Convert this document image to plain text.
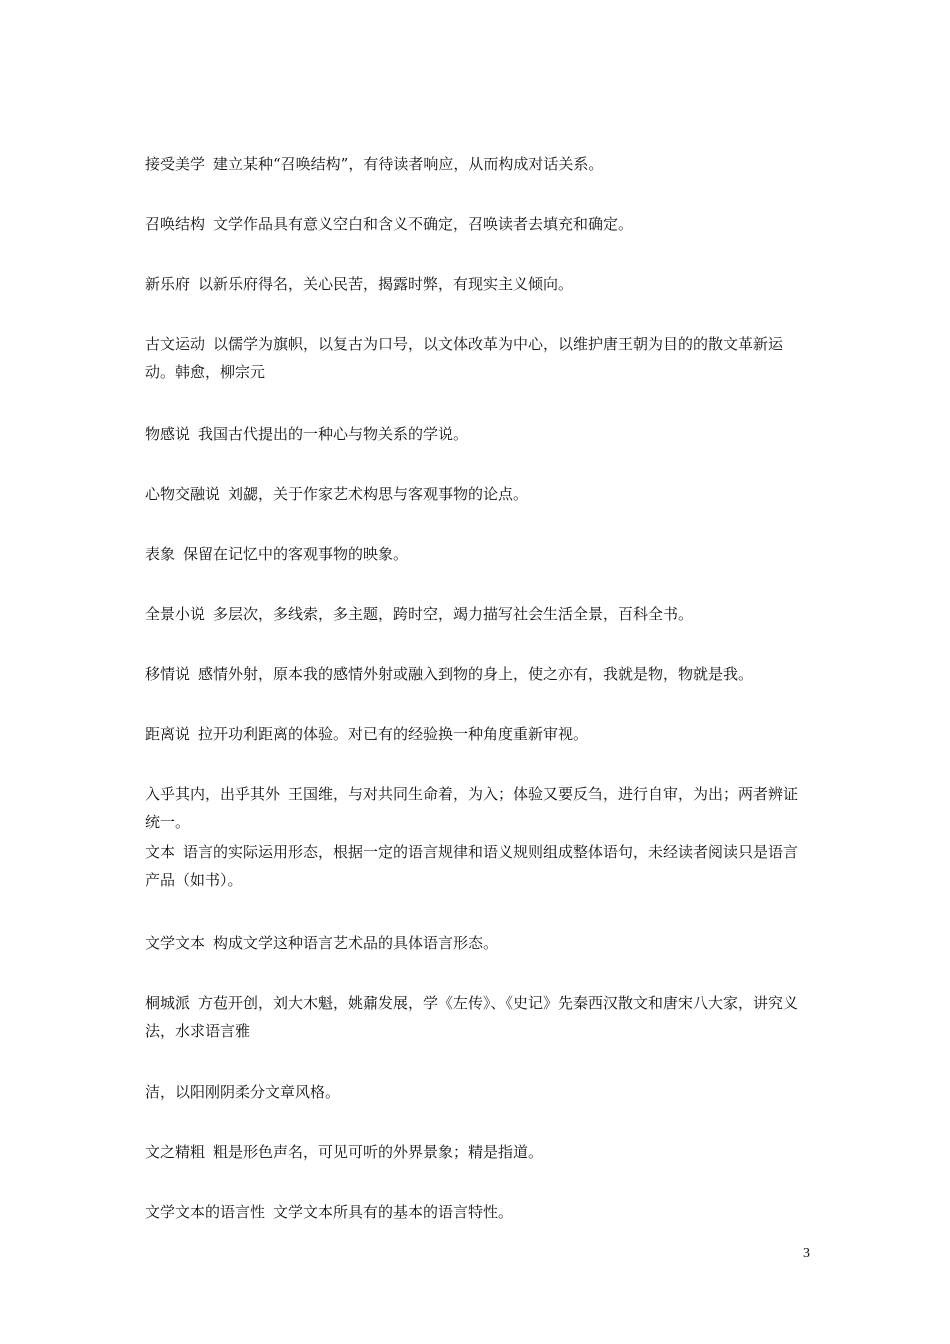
接受美学 建立某种“召唤结构”，有待读者响应，从而构成对话关系。

召唤结构 文学作品具有意义空白和含义不确定，召唤读者去填充和确定。

新乐府 以新乐府得名，关心民苦，揭露时弊，有现实主义倾向。

古文运动 以儒学为旗帜，以复古为口号，以文体改革为中心，以维护唐王朝为目的的散文革新运动。韩愈，柳宗元

物感说 我国古代提出的一种心与物关系的学说。

心物交融说 刘勰，关于作家艺术构思与客观事物的论点。

表象 保留在记忆中的客观事物的映象。

全景小说 多层次，多线索，多主题，跨时空，竭力描写社会生活全景，百科全书。

移情说 感情外射，原本我的感情外射或融入到物的身上，使之亦有，我就是物，物就是我。

距离说 拉开功利距离的体验。对已有的经验换一种角度重新审视。

入乎其内，出乎其外 王国维，与对共同生命着，为入；体验又要反刍，进行自审，为出；两者辨证统一。

文本 语言的实际运用形态，根据一定的语言规律和语义规则组成整体语句，未经读者阅读只是语言产品（如书）。

文学文本 构成文学这种语言艺术品的具体语言形态。

桐城派 方苞开创，刘大木魁，姚鼐发展，学《左传》、《史记》先秦西汉散文和唐宋八大家，讲究义法，水求语言雅

洁，以阳刚阴柔分文章风格。

文之精粗 粗是形色声名，可见可听的外界景象；精是指道。

文学文本的语言性 文学文本所具有的基本的语言特性。

3
